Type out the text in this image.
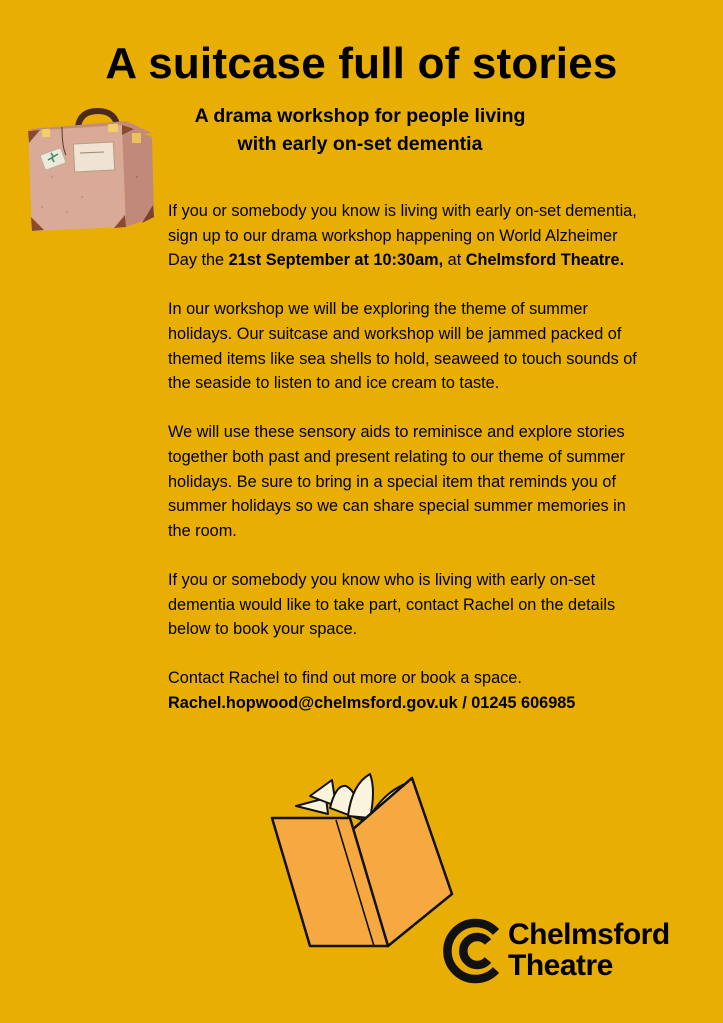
A suitcase full of stories
A drama workshop for people living
with early on-set dementia

If you or somebody you know is living with early on-set dementia, sign up to our drama workshop happening on World Alzheimer Day the 21st September at 10:30am, at Chelmsford Theatre.

In our workshop we will be exploring the theme of summer holidays. Our suitcase and workshop will be jammed packed of themed items like sea shells to hold, seaweed to touch sounds of the seaside to listen to and ice cream to taste.

We will use these sensory aids to reminisce and explore stories together both past and present relating to our theme of summer holidays. Be sure to bring in a special item that reminds you of summer holidays so we can share special summer memories in the room.

If you or somebody you know who is living with early on-set dementia would like to take part, contact Rachel on the details below to book your space.

Contact Rachel to find out more or book a space.
Rachel.hopwood@chelmsford.gov.uk / 01245 606985

Chelmsford
Theatre
